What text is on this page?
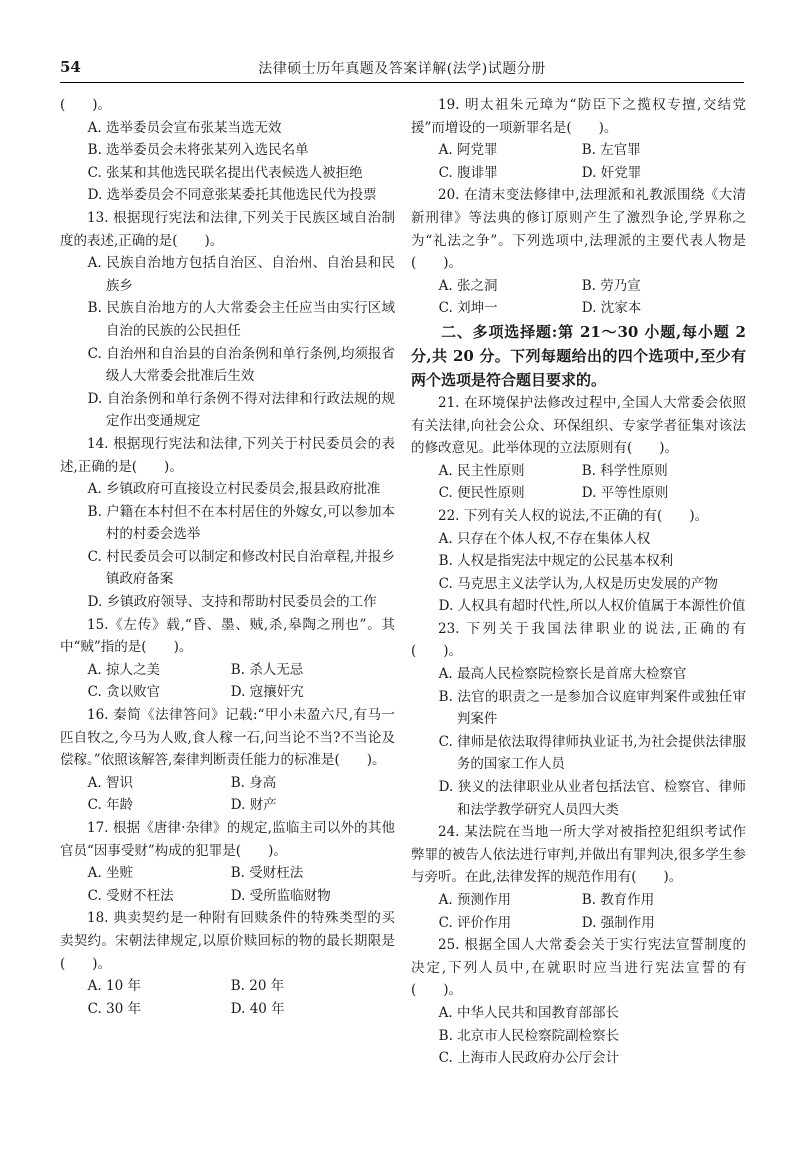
54	法律硕士历年真题及答案详解(法学)试题分册

(　　)。

A. 选举委员会宣布张某当选无效

B. 选举委员会未将张某列入选民名单

C. 张某和其他选民联名提出代表候选人被拒绝

D. 选举委员会不同意张某委托其他选民代为投票

13. 根据现行宪法和法律,下列关于民族区域自治制度的表述,正确的是(　　)。

A. 民族自治地方包括自治区、自治州、自治县和民族乡

B. 民族自治地方的人大常委会主任应当由实行区域自治的民族的公民担任

C. 自治州和自治县的自治条例和单行条例,均须报省级人大常委会批准后生效

D. 自治条例和单行条例不得对法律和行政法规的规定作出变通规定

14. 根据现行宪法和法律,下列关于村民委员会的表述,正确的是(　　)。

A. 乡镇政府可直接设立村民委员会,报县政府批准

B. 户籍在本村但不在本村居住的外嫁女,可以参加本村的村委会选举

C. 村民委员会可以制定和修改村民自治章程,并报乡镇政府备案

D. 乡镇政府领导、支持和帮助村民委员会的工作

15.《左传》载,“昏、墨、贼,杀,皋陶之刑也”。其中“贼”指的是(　　)。

A. 掠人之美	B. 杀人无忌
C. 贪以败官	D. 寇攘奸宄

16. 秦简《法律答问》记载:“甲小未盈六尺,有马一匹自牧之,今马为人败,食人稼一石,问当论不当?不当论及偿稼。”依照该解答,秦律判断责任能力的标准是(　　)。

A. 智识	B. 身高
C. 年龄	D. 财产

17. 根据《唐律·杂律》的规定,监临主司以外的其他官员“因事受财”构成的犯罪是(　　)。

A. 坐赃	B. 受财枉法
C. 受财不枉法	D. 受所监临财物

18. 典卖契约是一种附有回赎条件的特殊类型的买卖契约。宋朝法律规定,以原价赎回标的物的最长期限是(　　)。

A. 10 年	B. 20 年
C. 30 年	D. 40 年

19. 明太祖朱元璋为“防臣下之揽权专擅,交结党援”而增设的一项新罪名是(　　)。

A. 阿党罪	B. 左官罪
C. 腹诽罪	D. 奸党罪

20. 在清末变法修律中,法理派和礼教派围绕《大清新刑律》等法典的修订原则产生了激烈争论,学界称之为“礼法之争”。下列选项中,法理派的主要代表人物是(　　)。

A. 张之洞	B. 劳乃宣
C. 刘坤一	D. 沈家本

二、多项选择题:第 21～30 小题,每小题 2 分,共 20 分。下列每题给出的四个选项中,至少有两个选项是符合题目要求的。

21. 在环境保护法修改过程中,全国人大常委会依照有关法律,向社会公众、环保组织、专家学者征集对该法的修改意见。此举体现的立法原则有(　　)。

A. 民主性原则	B. 科学性原则
C. 便民性原则	D. 平等性原则

22. 下列有关人权的说法,不正确的有(　　)。

A. 只存在个体人权,不存在集体人权

B. 人权是指宪法中规定的公民基本权利

C. 马克思主义法学认为,人权是历史发展的产物

D. 人权具有超时代性,所以人权价值属于本源性价值

23. 下列关于我国法律职业的说法,正确的有(　　)。

A. 最高人民检察院检察长是首席大检察官

B. 法官的职责之一是参加合议庭审判案件或独任审判案件

C. 律师是依法取得律师执业证书,为社会提供法律服务的国家工作人员

D. 狭义的法律职业从业者包括法官、检察官、律师和法学教学研究人员四大类

24. 某法院在当地一所大学对被指控犯组织考试作弊罪的被告人依法进行审判,并做出有罪判决,很多学生参与旁听。在此,法律发挥的规范作用有(　　)。

A. 预测作用	B. 教育作用
C. 评价作用	D. 强制作用

25. 根据全国人大常委会关于实行宪法宣誓制度的决定,下列人员中,在就职时应当进行宪法宣誓的有(　　)。

A. 中华人民共和国教育部部长

B. 北京市人民检察院副检察长

C. 上海市人民政府办公厅会计
